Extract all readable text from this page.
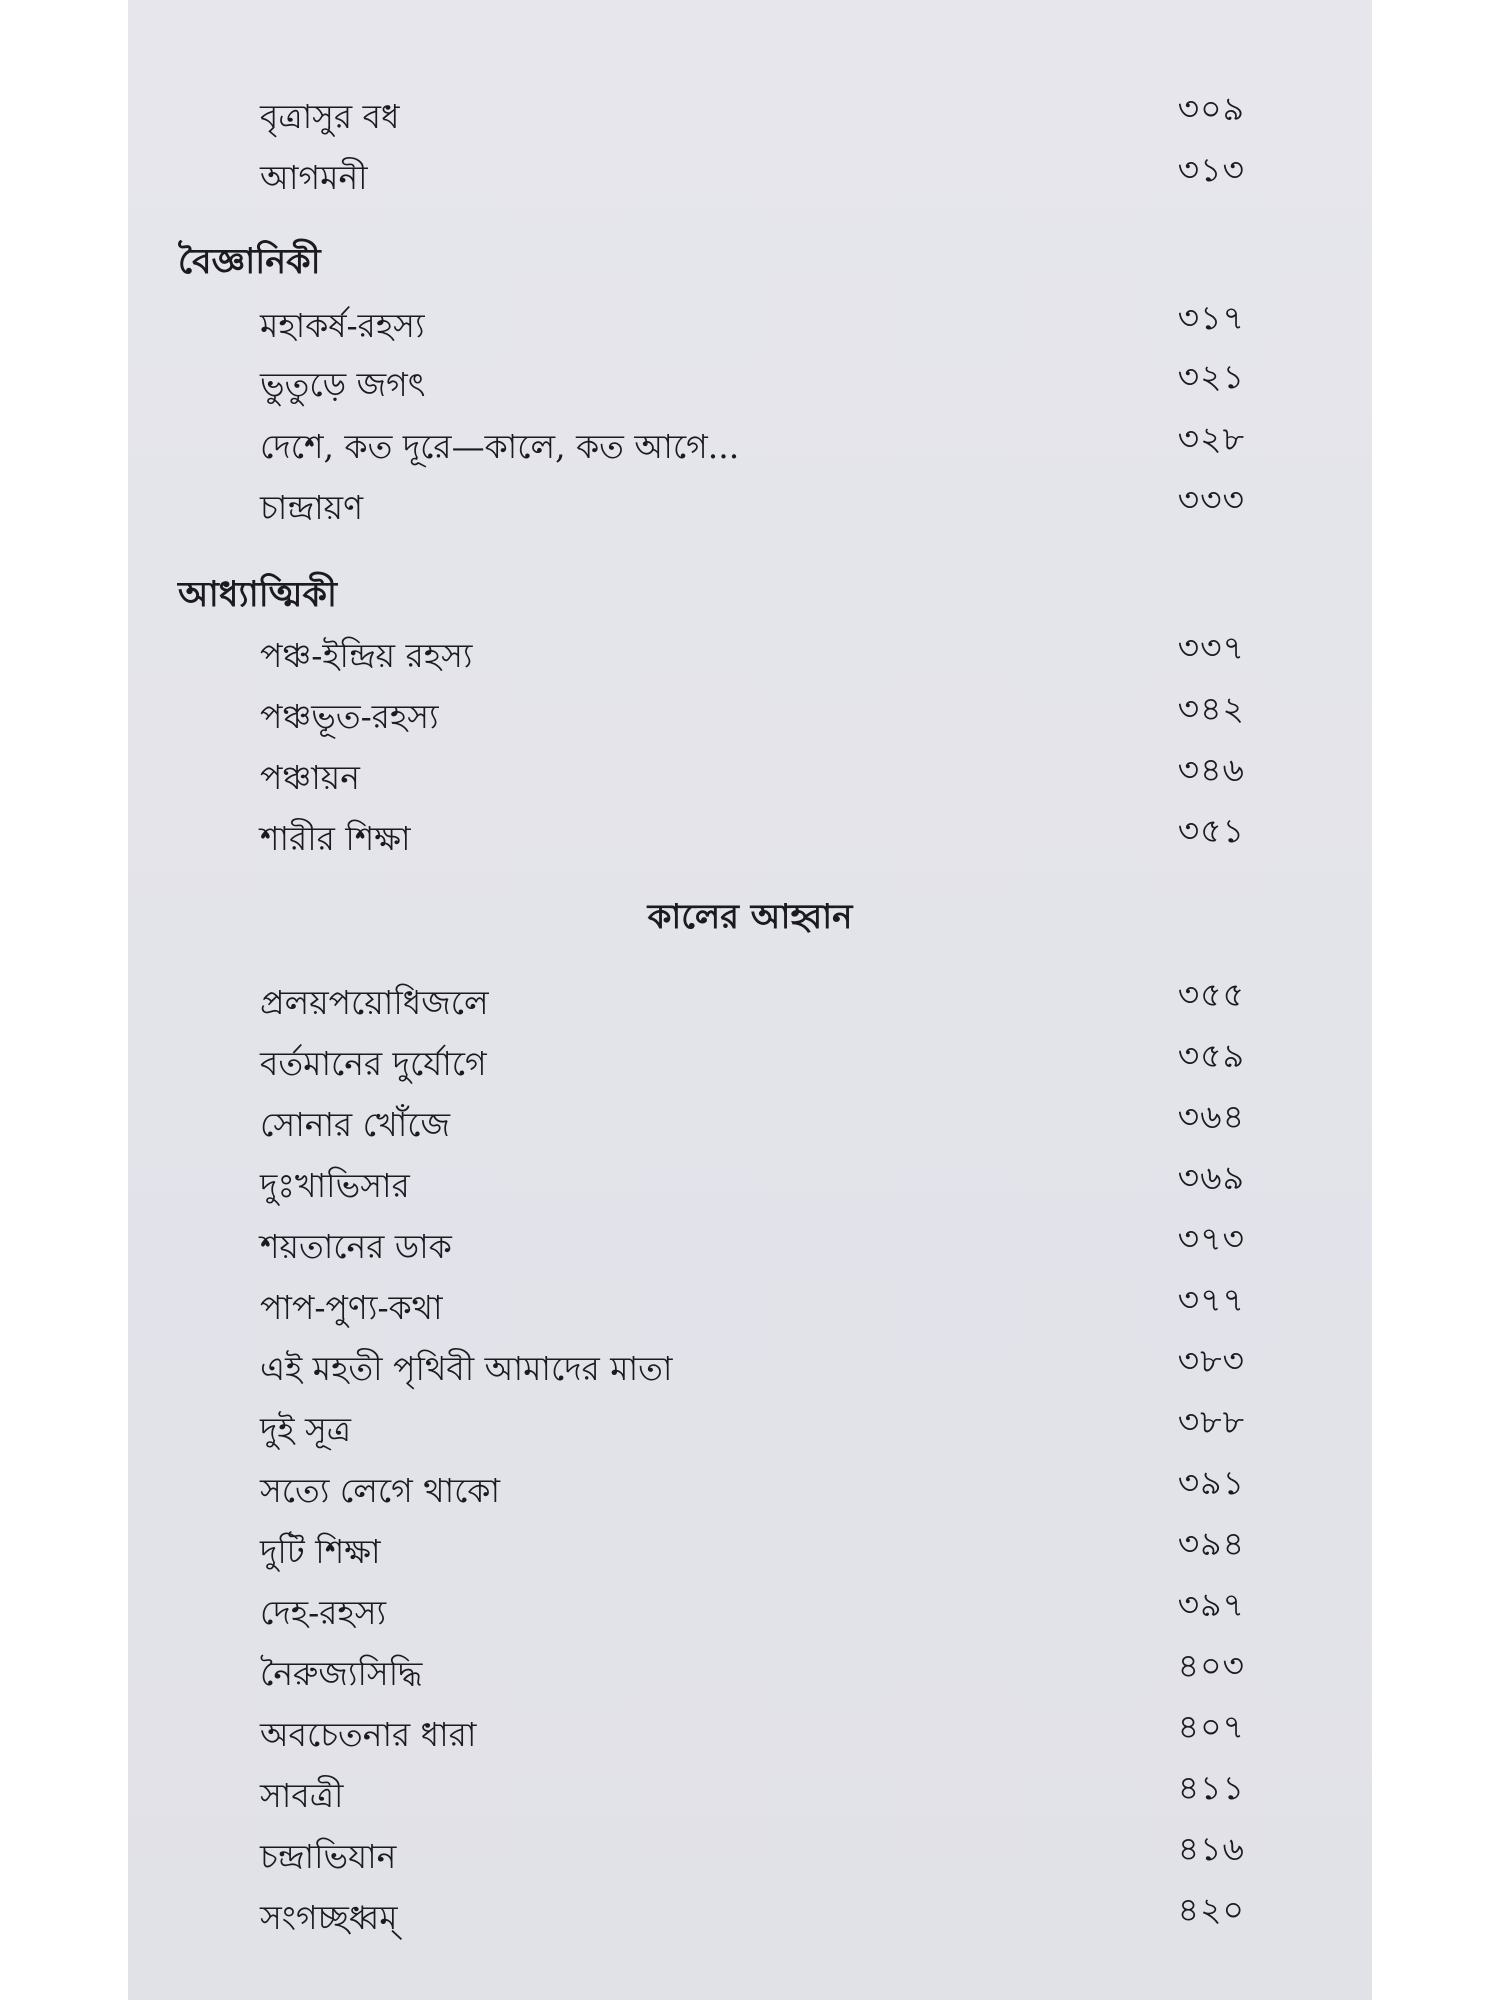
বৃত্রাসুর বধ	৩০৯
আগমনী	৩১৩
বৈজ্ঞানিকী
মহাকর্ষ-রহস্য	৩১৭
ভুতুড়ে জগৎ	৩২১
দেশে, কত দূরে—কালে, কত আগে...	৩২৮
চান্দ্রায়ণ	৩৩৩
আধ্যাত্মিকী
পঞ্চ-ইন্দ্রিয় রহস্য	৩৩৭
পঞ্চভূত-রহস্য	৩৪২
পঞ্চায়ন	৩৪৬
শারীর শিক্ষা	৩৫১
কালের আহ্বান
প্রলয়পয়োধিজলে	৩৫৫
বর্তমানের দুর্যোগে	৩৫৯
সোনার খোঁজে	৩৬৪
দুঃখাভিসার	৩৬৯
শয়তানের ডাক	৩৭৩
পাপ-পুণ্য-কথা	৩৭৭
এই মহতী পৃথিবী আমাদের মাতা	৩৮৩
দুই সূত্র	৩৮৮
সত্যে লেগে থাকো	৩৯১
দুটি শিক্ষা	৩৯৪
দেহ-রহস্য	৩৯৭
নৈরুজ্যসিদ্ধি	৪০৩
অবচেতনার ধারা	৪০৭
সাবত্রী	৪১১
চন্দ্রাভিযান	৪১৬
সংগচ্ছধ্বম্	৪২০
